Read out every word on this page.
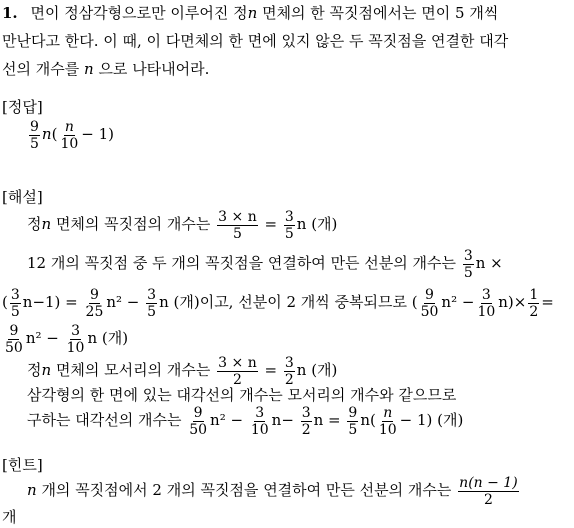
1. 면이 정삼각형으로만 이루어진 정n 면체의 한 꼭짓점에서는 면이 5 개씩
만난다고 한다. 이 때, 이 다면체의 한 면에 있지 않은 두 꼭짓점을 연결한 대각
선의 개수를 n 으로 나타내어라.
[정답]
$\frac{9}{5} n( \frac{n}{10} - 1)$
[해설]
정n 면체의 꼭짓점의 개수는 $\frac{3 \times n}{5} = \frac{3}{5}$ n (개)
12 개의 꼭짓점 중 두 개의 꼭짓점을 연결하여 만든 선분의 개수는 $\frac{3}{5}$ n ×
( $\frac{3}{5} n-1) = \frac{9}{25} n^2 - \frac{3}{5}$ n (개)이고, 선분이 2 개씩 중복되므로 ( $\frac{9}{50} n^2 - \frac{3}{10} n)\times \frac{1}{2}$ =
$\frac{9}{50} n^2 - \frac{3}{10}$ n (개)
정n 면체의 모서리의 개수는 $\frac{3 \times n}{2} = \frac{3}{2}$ n (개)
삼각형의 한 면에 있는 대각선의 개수는 모서리의 개수와 같으므로
구하는 대각선의 개수는 $\frac{9}{50} n^2 - \frac{3}{10} n- \frac{3}{2}$ $n = \frac{9}{5} n( \frac{n}{10} - 1)$ (개)
[힌트]
n 개의 꼭짓점에서 2 개의 꼭짓점을 연결하여 만든 선분의 개수는 $\frac{n(n - 1)}{2}$
개
